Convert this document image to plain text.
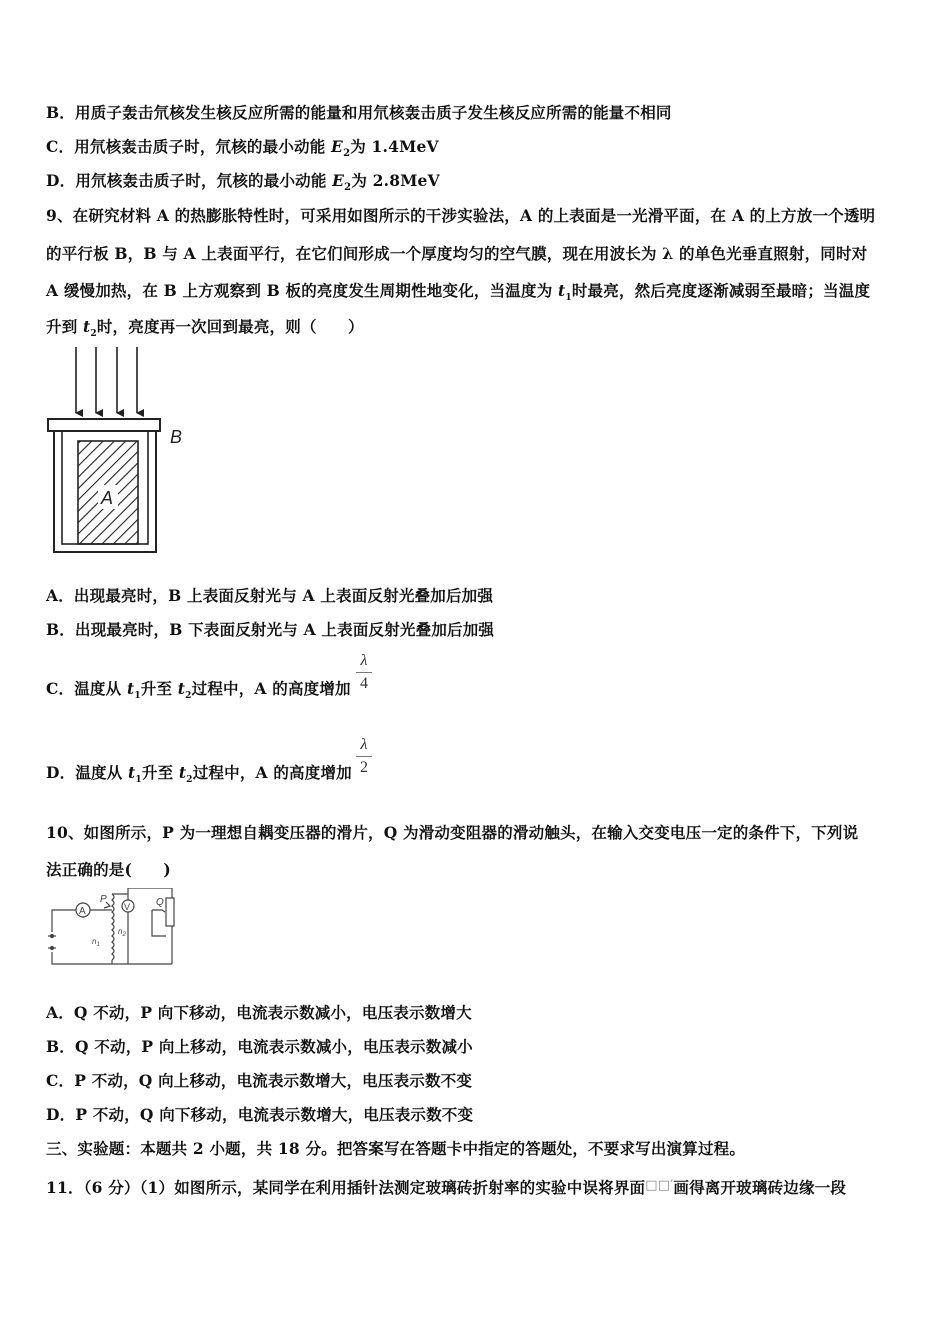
B．用质子轰击氘核发生核反应所需的能量和用氘核轰击质子发生核反应所需的能量不相同
C．用氘核轰击质子时，氘核的最小动能 $E_2$为 1.4MeV
D．用氘核轰击质子时，氘核的最小动能 $E_2$为 2.8MeV
9、在研究材料 A 的热膨胀特性时，可采用如图所示的干涉实验法，A 的上表面是一光滑平面，在 A 的上方放一个透明
的平行板 B，B 与 A 上表面平行，在它们间形成一个厚度均匀的空气膜，现在用波长为 λ 的单色光垂直照射，同时对
A 缓慢加热，在 B 上方观察到 B 板的亮度发生周期性地变化，当温度为 $t_1$时最亮，然后亮度逐渐减弱至最暗；当温度
升到 $t_2$时，亮度再一次回到最亮，则（　　）
A
B
A．出现最亮时，B 上表面反射光与 A 上表面反射光叠加后加强
B．出现最亮时，B 下表面反射光与 A 上表面反射光叠加后加强
C．温度从 $t_1$升至 $t_2$过程中，A 的高度增加
λ
4
D．温度从 $t_1$升至 $t_2$过程中，A 的高度增加
λ
2
10、如图所示，P 为一理想自耦变压器的滑片，Q 为滑动变阻器的滑动触头，在输入交变电压一定的条件下，下列说
法正确的是(　　)
A
P
V	Q
$n_1$
$n_2$
A．Q 不动，P 向下移动，电流表示数减小，电压表示数增大
B．Q 不动，P 向上移动，电流表示数减小，电压表示数减小
C．P 不动，Q 向上移动，电流表示数增大，电压表示数不变
D．P 不动，Q 向下移动，电流表示数增大，电压表示数不变
三、实验题：本题共 2 小题，共 18 分。把答案写在答题卡中指定的答题处，不要求写出演算过程。
11．（6 分）（1）如图所示，某同学在利用插针法测定玻璃砖折射率的实验中误将界面□□′画得离开玻璃砖边缘一段
